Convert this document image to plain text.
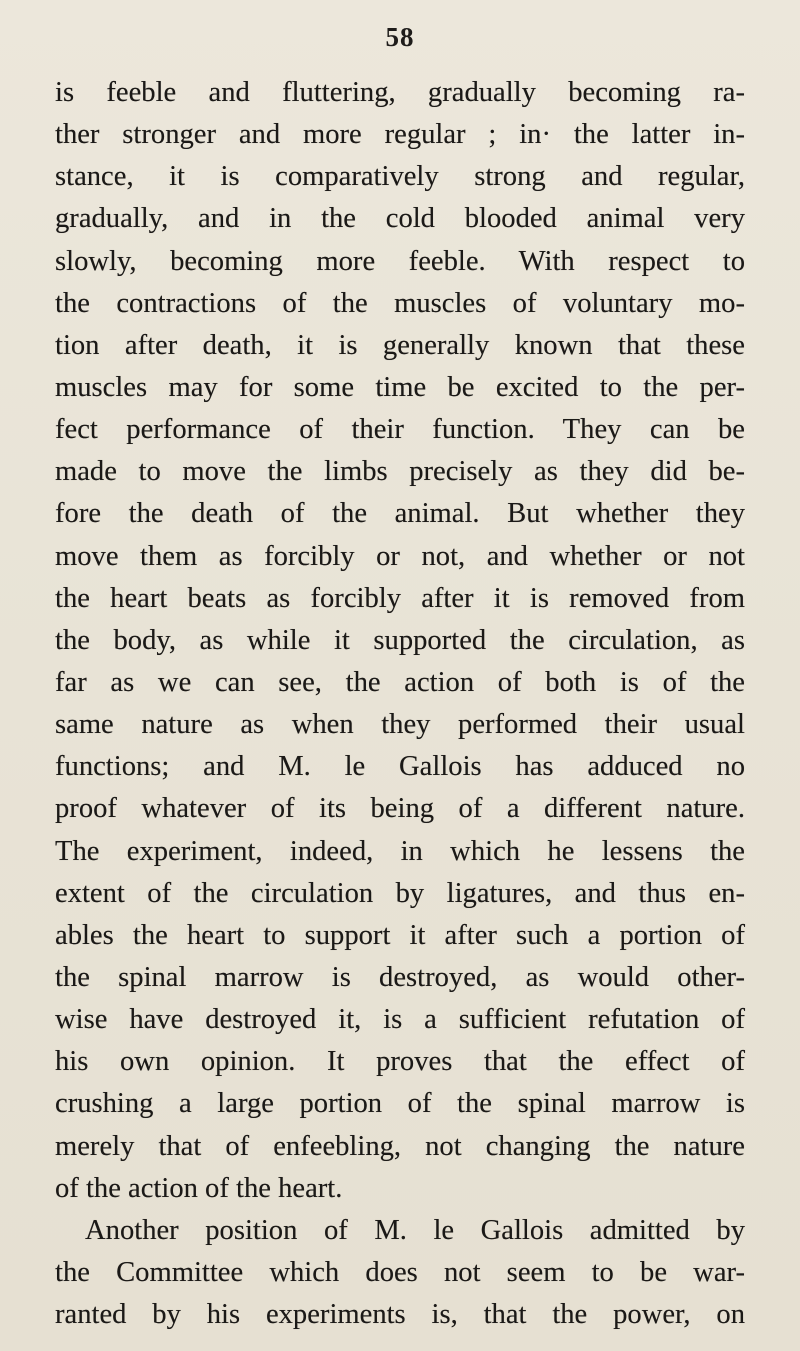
58
is feeble and fluttering, gradually becoming ra-
ther stronger and more regular ; in· the latter in-
stance, it is comparatively strong and regular,
gradually, and in the cold blooded animal very
slowly, becoming more feeble. With respect to
the contractions of the muscles of voluntary mo-
tion after death, it is generally known that these
muscles may for some time be excited to the per-
fect performance of their function. They can be
made to move the limbs precisely as they did be-
fore the death of the animal. But whether they
move them as forcibly or not, and whether or not
the heart beats as forcibly after it is removed from
the body, as while it supported the circulation, as
far as we can see, the action of both is of the
same nature as when they performed their usual
functions; and M. le Gallois has adduced no
proof whatever of its being of a different nature.
The experiment, indeed, in which he lessens the
extent of the circulation by ligatures, and thus en-
ables the heart to support it after such a portion of
the spinal marrow is destroyed, as would other-
wise have destroyed it, is a sufficient refutation of
his own opinion. It proves that the effect of
crushing a large portion of the spinal marrow is
merely that of enfeebling, not changing the nature
of the action of the heart.
Another position of M. le Gallois admitted by
the Committee which does not seem to be war-
ranted by his experiments is, that the power, on
